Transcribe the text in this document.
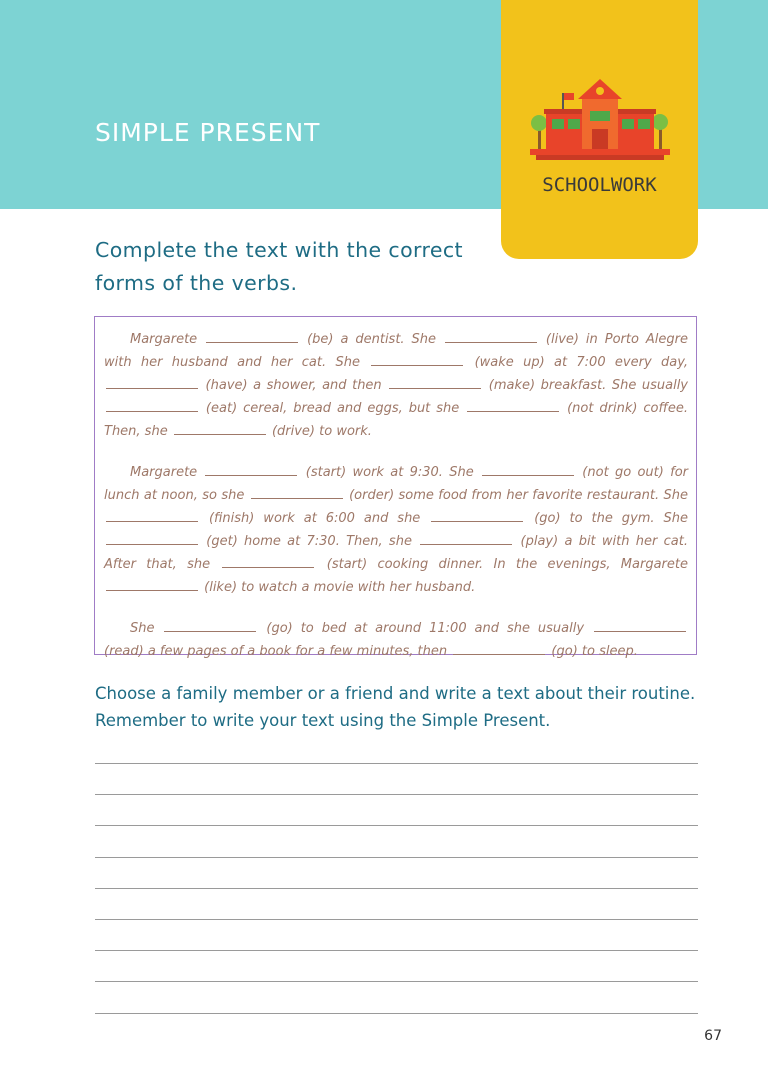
SIMPLE PRESENT
SCHOOLWORK

Complete the text with the correct forms of the verbs.

Margarete	(be) a dentist. She	(live) in Porto Alegre with her husband and her cat. She	(wake up) at 7:00 every day,  (have) a shower, and then	(make) breakfast. She usually  (eat) cereal, bread and eggs, but she	(not drink) coffee. Then, she	(drive) to work.

Margarete	(start) work at 9:30. She	(not go out) for lunch at noon, so she	(order) some food from her favorite restaurant. She  (finish) work at 6:00 and she	(go) to the gym. She  (get) home at 7:30. Then, she	(play) a bit with her cat. After that, she	(start) cooking dinner. In the evenings, Margarete  (like) to watch a movie with her husband.

She	(go) to bed at around 11:00 and she usually  (read) a few pages of a book for a few minutes, then	(go) to sleep.

Choose a family member or a friend and write a text about their routine. Remember to write your text using the Simple Present.

67
